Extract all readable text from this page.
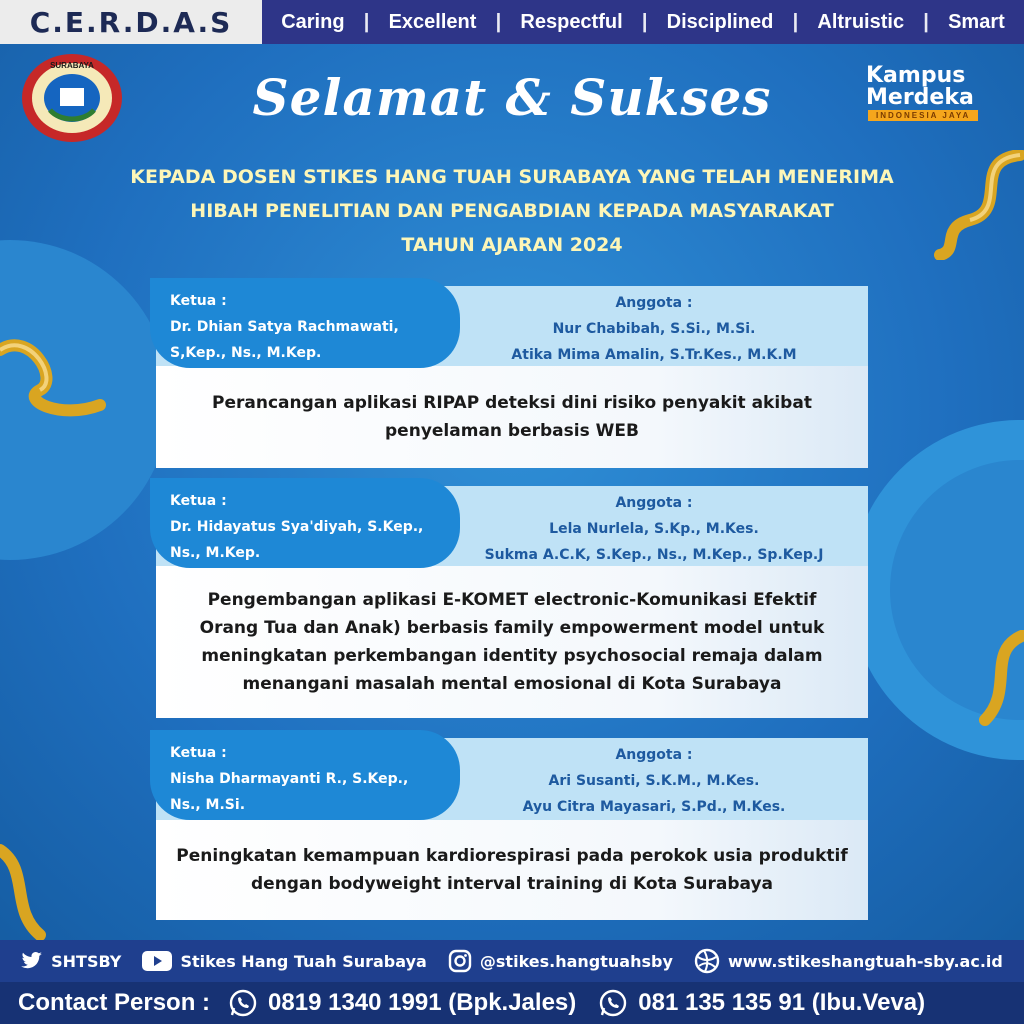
C.E.R.D.A.S	Caring | Excellent | Respectful | Disciplined | Altruistic | Smart
SURABAYA	Kampus
Merdeka
INDONESIA JAYA
Selamat & Sukses
KEPADA DOSEN STIKES HANG TUAH SURABAYA YANG TELAH MENERIMA
HIBAH PENELITIAN DAN PENGABDIAN KEPADA MASYARAKAT
TAHUN AJARAN 2024
Perancangan aplikasi RIPAP deteksi dini risiko penyakit akibat
penyelaman berbasis WEB
Ketua :
Dr. Dhian Satya Rachmawati,
S,Kep., Ns., M.Kep.
Anggota :
Nur Chabibah, S.Si., M.Si.
Atika Mima Amalin, S.Tr.Kes., M.K.M
Pengembangan aplikasi E-KOMET electronic-Komunikasi Efektif
Orang Tua dan Anak) berbasis family empowerment model untuk
meningkatan perkembangan identity psychosocial remaja dalam
menangani masalah mental emosional di Kota Surabaya
Ketua :
Dr. Hidayatus Sya'diyah, S.Kep.,
Ns., M.Kep.
Anggota :
Lela Nurlela, S.Kp., M.Kes.
Sukma A.C.K, S.Kep., Ns., M.Kep., Sp.Kep.J
Peningkatan kemampuan kardiorespirasi pada perokok usia produktif
dengan bodyweight interval training di Kota Surabaya
Ketua :
Nisha Dharmayanti R., S.Kep.,
Ns., M.Si.
Anggota :
Ari Susanti, S.K.M., M.Kes.
Ayu Citra Mayasari, S.Pd., M.Kes.
SHTSBY	Stikes Hang Tuah Surabaya	@stikes.hangtuahsby	www.stikeshangtuah-sby.ac.id
Contact Person : 0819 1340 1991 (Bpk.Jales)	081 135 135 91 (Ibu.Veva)
